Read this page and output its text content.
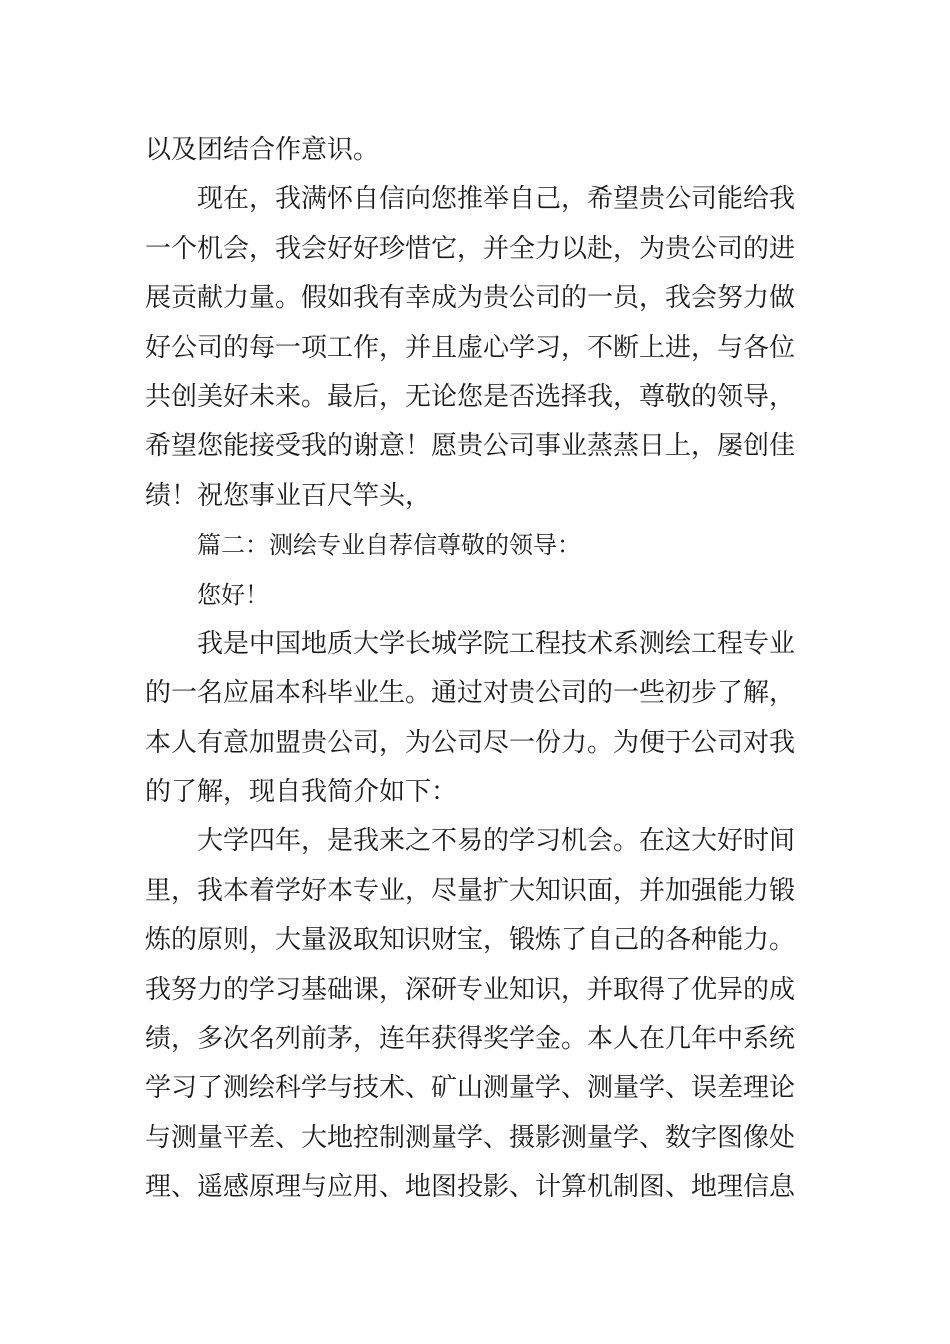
以及团结合作意识。
现在，我满怀自信向您推举自己，希望贵公司能给我
一个机会，我会好好珍惜它，并全力以赴，为贵公司的进
展贡献力量。假如我有幸成为贵公司的一员，我会努力做
好公司的每一项工作，并且虚心学习，不断上进，与各位
共创美好未来。最后，无论您是否选择我，尊敬的领导，
希望您能接受我的谢意！愿贵公司事业蒸蒸日上，屡创佳
绩！祝您事业百尺竿头，
篇二：测绘专业自荐信尊敬的领导：
您好！
我是中国地质大学长城学院工程技术系测绘工程专业
的一名应届本科毕业生。通过对贵公司的一些初步了解，
本人有意加盟贵公司，为公司尽一份力。为便于公司对我
的了解，现自我简介如下：
大学四年，是我来之不易的学习机会。在这大好时间
里，我本着学好本专业，尽量扩大知识面，并加强能力锻
炼的原则，大量汲取知识财宝，锻炼了自己的各种能力。
我努力的学习基础课，深研专业知识，并取得了优异的成
绩，多次名列前茅，连年获得奖学金。本人在几年中系统
学习了测绘科学与技术、矿山测量学、测量学、误差理论
与测量平差、大地控制测量学、摄影测量学、数字图像处
理、遥感原理与应用、地图投影、计算机制图、地理信息
